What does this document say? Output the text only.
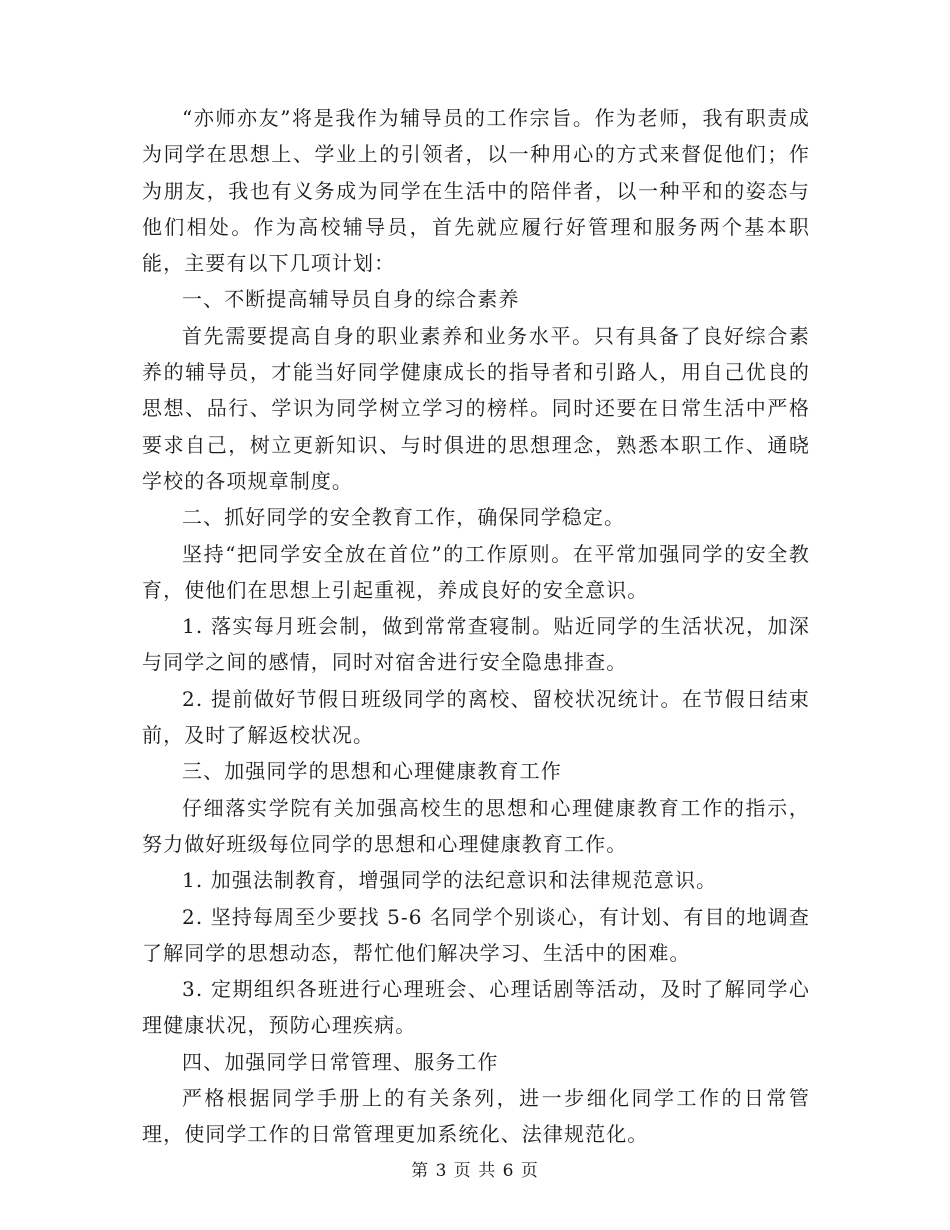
“亦师亦友”将是我作为辅导员的工作宗旨。作为老师，我有职责成为同学在思想上、学业上的引领者，以一种用心的方式来督促他们；作为朋友，我也有义务成为同学在生活中的陪伴者，以一种平和的姿态与他们相处。作为高校辅导员，首先就应履行好管理和服务两个基本职能，主要有以下几项计划：

一、不断提高辅导员自身的综合素养

首先需要提高自身的职业素养和业务水平。只有具备了良好综合素养的辅导员，才能当好同学健康成长的指导者和引路人，用自己优良的思想、品行、学识为同学树立学习的榜样。同时还要在日常生活中严格要求自己，树立更新知识、与时俱进的思想理念，熟悉本职工作、通晓学校的各项规章制度。

二、抓好同学的安全教育工作，确保同学稳定。

坚持“把同学安全放在首位”的工作原则。在平常加强同学的安全教育，使他们在思想上引起重视，养成良好的安全意识。

1. 落实每月班会制，做到常常查寝制。贴近同学的生活状况，加深与同学之间的感情，同时对宿舍进行安全隐患排查。

2. 提前做好节假日班级同学的离校、留校状况统计。在节假日结束前，及时了解返校状况。

三、加强同学的思想和心理健康教育工作

仔细落实学院有关加强高校生的思想和心理健康教育工作的指示，努力做好班级每位同学的思想和心理健康教育工作。

1. 加强法制教育，增强同学的法纪意识和法律规范意识。

2. 坚持每周至少要找 5-6 名同学个别谈心，有计划、有目的地调查了解同学的思想动态，帮忙他们解决学习、生活中的困难。

3. 定期组织各班进行心理班会、心理话剧等活动，及时了解同学心理健康状况，预防心理疾病。

四、加强同学日常管理、服务工作

严格根据同学手册上的有关条列，进一步细化同学工作的日常管理，使同学工作的日常管理更加系统化、法律规范化。

第 3 页 共 6 页
